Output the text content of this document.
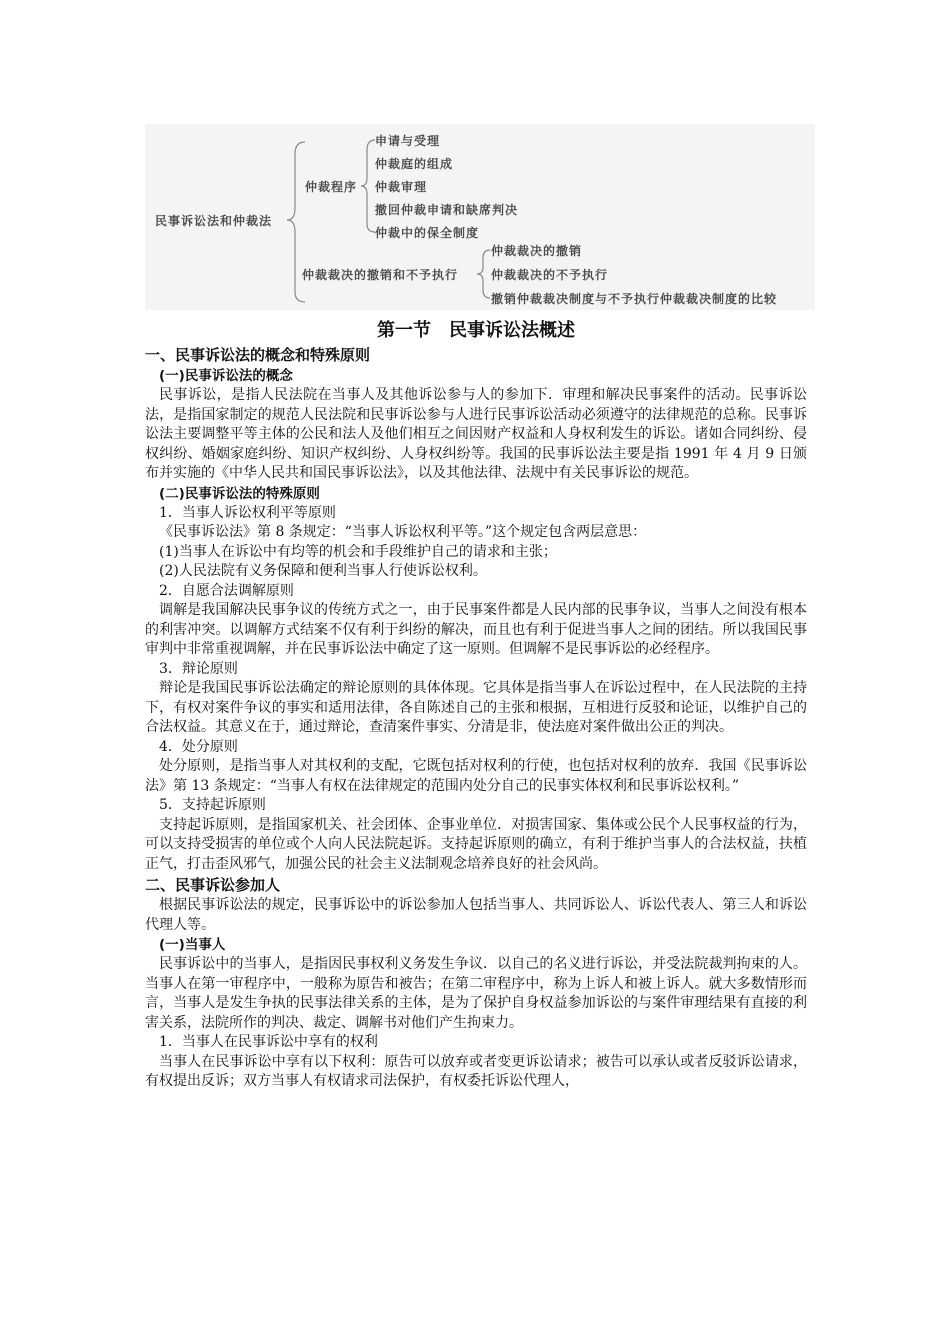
民事诉讼法和仲裁法
仲裁程序
申请与受理
仲裁庭的组成
仲裁审理
撤回仲裁申请和缺席判决
仲裁中的保全制度
仲裁裁决的撤销和不予执行
仲裁裁决的撤销
仲裁裁决的不予执行
撤销仲裁裁决制度与不予执行仲裁裁决制度的比较
第一节　民事诉讼法概述
一、民事诉讼法的概念和特殊原则
(一)民事诉讼法的概念
民事诉讼，是指人民法院在当事人及其他诉讼参与人的参加下．审理和解决民事案件的活动。民事诉讼法，是指国家制定的规范人民法院和民事诉讼参与人进行民事诉讼活动必须遵守的法律规范的总称。民事诉讼法主要调整平等主体的公民和法人及他们相互之间因财产权益和人身权利发生的诉讼。诸如合同纠纷、侵权纠纷、婚姻家庭纠纷、知识产权纠纷、人身权纠纷等。我国的民事诉讼法主要是指 1991 年 4 月 9 日颁布并实施的《中华人民共和国民事诉讼法》，以及其他法律、法规中有关民事诉讼的规范。
(二)民事诉讼法的特殊原则
1．当事人诉讼权利平等原则
《民事诉讼法》第 8 条规定：“当事人诉讼权利平等。”这个规定包含两层意思：
(1)当事人在诉讼中有均等的机会和手段维护自己的请求和主张；
(2)人民法院有义务保障和便利当事人行使诉讼权利。
2．自愿合法调解原则
调解是我国解决民事争议的传统方式之一，由于民事案件都是人民内部的民事争议，当事人之间没有根本的利害冲突。以调解方式结案不仅有利于纠纷的解决，而且也有利于促进当事人之间的团结。所以我国民事审判中非常重视调解，并在民事诉讼法中确定了这一原则。但调解不是民事诉讼的必经程序。
3．辩论原则
辩论是我国民事诉讼法确定的辩论原则的具体体现。它具体是指当事人在诉讼过程中，在人民法院的主持下，有权对案件争议的事实和适用法律，各自陈述自己的主张和根据，互相进行反驳和论证，以维护自己的合法权益。其意义在于，通过辩论，查清案件事实、分清是非，使法庭对案件做出公正的判决。
4．处分原则
处分原则，是指当事人对其权利的支配，它既包括对权利的行使，也包括对权利的放弃．我国《民事诉讼法》第 13 条规定：“当事人有权在法律规定的范围内处分自己的民事实体权利和民事诉讼权利。”
5．支持起诉原则
支持起诉原则，是指国家机关、社会团体、企事业单位．对损害国家、集体或公民个人民事权益的行为，可以支持受损害的单位或个人向人民法院起诉。支持起诉原则的确立，有利于维护当事人的合法权益，扶植正气，打击歪风邪气，加强公民的社会主义法制观念培养良好的社会风尚。
二、民事诉讼参加人
根据民事诉讼法的规定，民事诉讼中的诉讼参加人包括当事人、共同诉讼人、诉讼代表人、第三人和诉讼代理人等。
(一)当事人
民事诉讼中的当事人，是指因民事权利义务发生争议．以自己的名义进行诉讼，并受法院裁判拘束的人。当事人在第一审程序中，一般称为原告和被告；在第二审程序中，称为上诉人和被上诉人。就大多数情形而言，当事人是发生争执的民事法律关系的主体，是为了保护自身权益参加诉讼的与案件审理结果有直接的利害关系，法院所作的判决、裁定、调解书对他们产生拘束力。
1．当事人在民事诉讼中享有的权利
当事人在民事诉讼中享有以下权利：原告可以放弃或者变更诉讼请求；被告可以承认或者反驳诉讼请求，有权提出反诉；双方当事人有权请求司法保护，有权委托诉讼代理人，
